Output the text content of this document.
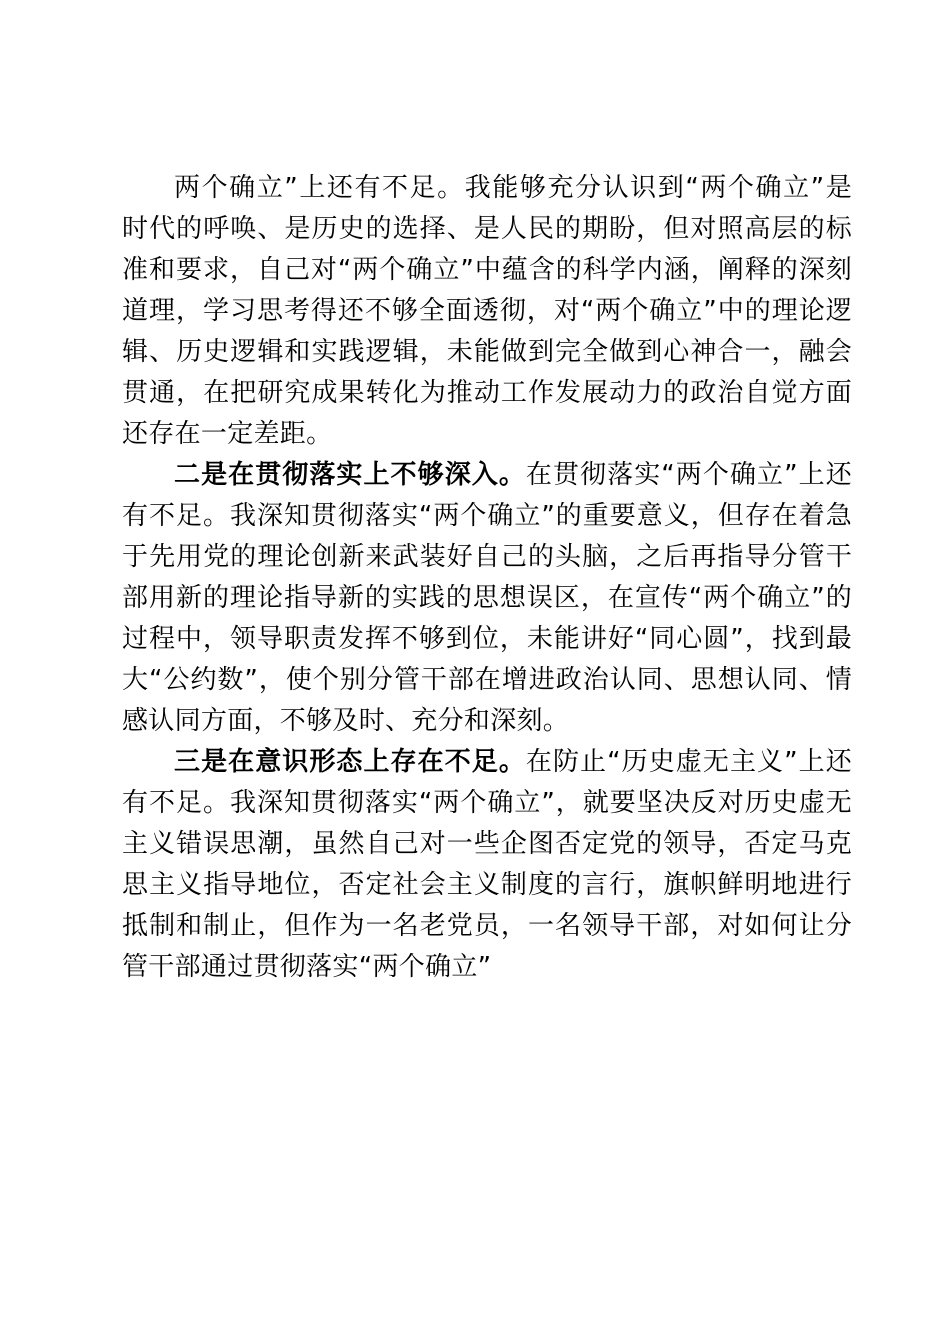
两个确立”上还有不足。我能够充分认识到“两个确立”是
时代的呼唤、是历史的选择、是人民的期盼，但对照高层的标
准和要求，自己对“两个确立”中蕴含的科学内涵，阐释的深刻
道理，学习思考得还不够全面透彻，对“两个确立”中的理论逻
辑、历史逻辑和实践逻辑，未能做到完全做到心神合一，融会
贯通，在把研究成果转化为推动工作发展动力的政治自觉方面
还存在一定差距。

二是在贯彻落实上不够深入。在贯彻落实“两个确立”上还
有不足。我深知贯彻落实“两个确立”的重要意义，但存在着急
于先用党的理论创新来武装好自己的头脑，之后再指导分管干
部用新的理论指导新的实践的思想误区，在宣传“两个确立”的
过程中，领导职责发挥不够到位，未能讲好“同心圆”，找到最
大“公约数”，使个别分管干部在增进政治认同、思想认同、情
感认同方面，不够及时、充分和深刻。

三是在意识形态上存在不足。在防止“历史虚无主义”上还
有不足。我深知贯彻落实“两个确立”，就要坚决反对历史虚无
主义错误思潮，虽然自己对一些企图否定党的领导，否定马克
思主义指导地位，否定社会主义制度的言行，旗帜鲜明地进行
抵制和制止，但作为一名老党员，一名领导干部，对如何让分
管干部通过贯彻落实“两个确立”
